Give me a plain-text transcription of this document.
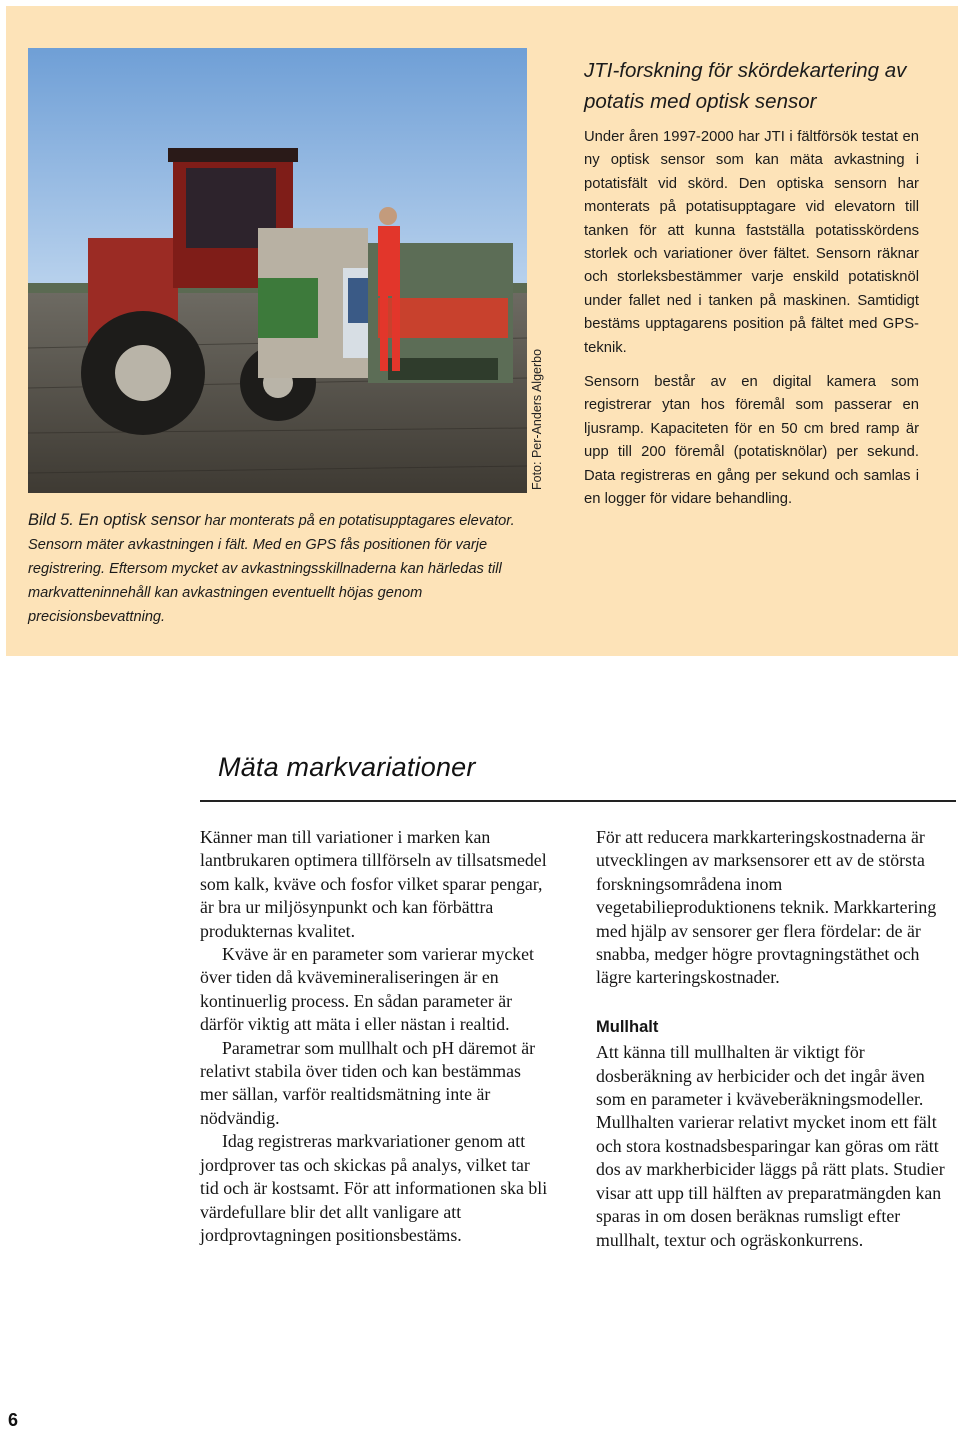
Foto: Per-Anders Algerbo
Bild 5. En optisk sensor har monterats på en potatisupptagares elevator. Sensorn mäter avkastningen i fält. Med en GPS fås positionen för varje registrering. Eftersom mycket av avkastningsskillnaderna kan härledas till markvatteninnehåll kan avkastningen eventuellt höjas genom precisionsbevattning.
JTI-forskning för skördekartering av potatis med optisk sensor

Under åren 1997-2000 har JTI i fältförsök testat en ny optisk sensor som kan mäta avkastning i potatisfält vid skörd. Den optiska sensorn har monterats på potatisupptagare vid elevatorn till tanken för att kunna fastställa potatisskördens storlek och variationer över fältet. Sensorn räknar och storleksbestämmer varje enskild potatisknöl under fallet ned i tanken på maskinen. Samtidigt bestäms upptagarens position på fältet med GPS-teknik.

Sensorn består av en digital kamera som registrerar ytan hos föremål som passerar en ljusramp. Kapaciteten för en 50 cm bred ramp är upp till 200 föremål (potatisknölar) per sekund. Data registreras en gång per sekund och samlas i en logger för vidare behandling.

Mäta markvariationer

Känner man till variationer i marken kan lantbrukaren optimera tillförseln av tillsatsmedel som kalk, kväve och fosfor vilket sparar pengar, är bra ur miljösynpunkt och kan förbättra produkternas kvalitet.

Kväve är en parameter som varierar mycket över tiden då kvävemineraliseringen är en kontinuerlig process. En sådan parameter är därför viktig att mäta i eller nästan i realtid.

Parametrar som mullhalt och pH däremot är relativt stabila över tiden och kan bestämmas mer sällan, varför realtidsmätning inte är nödvändig.

Idag registreras markvariationer genom att jordprover tas och skickas på analys, vilket tar tid och är kostsamt. För att informationen ska bli värdefullare blir det allt vanligare att jordprovtagningen positionsbestäms.

För att reducera markkarteringskostnaderna är utvecklingen av marksensorer ett av de största forskningsområdena inom vegetabilieproduktionens teknik. Markkartering med hjälp av sensorer ger flera fördelar: de är snabba, medger högre provtagningstäthet och lägre karteringskostnader.

Mullhalt

Att känna till mullhalten är viktigt för dosberäkning av herbicider och det ingår även som en parameter i kväveberäkningsmodeller. Mullhalten varierar relativt mycket inom ett fält och stora kostnadsbesparingar kan göras om rätt dos av markherbicider läggs på rätt plats. Studier visar att upp till hälften av preparatmängden kan sparas in om dosen beräknas rumsligt efter mullhalt, textur och ogräskonkurrens.

6
